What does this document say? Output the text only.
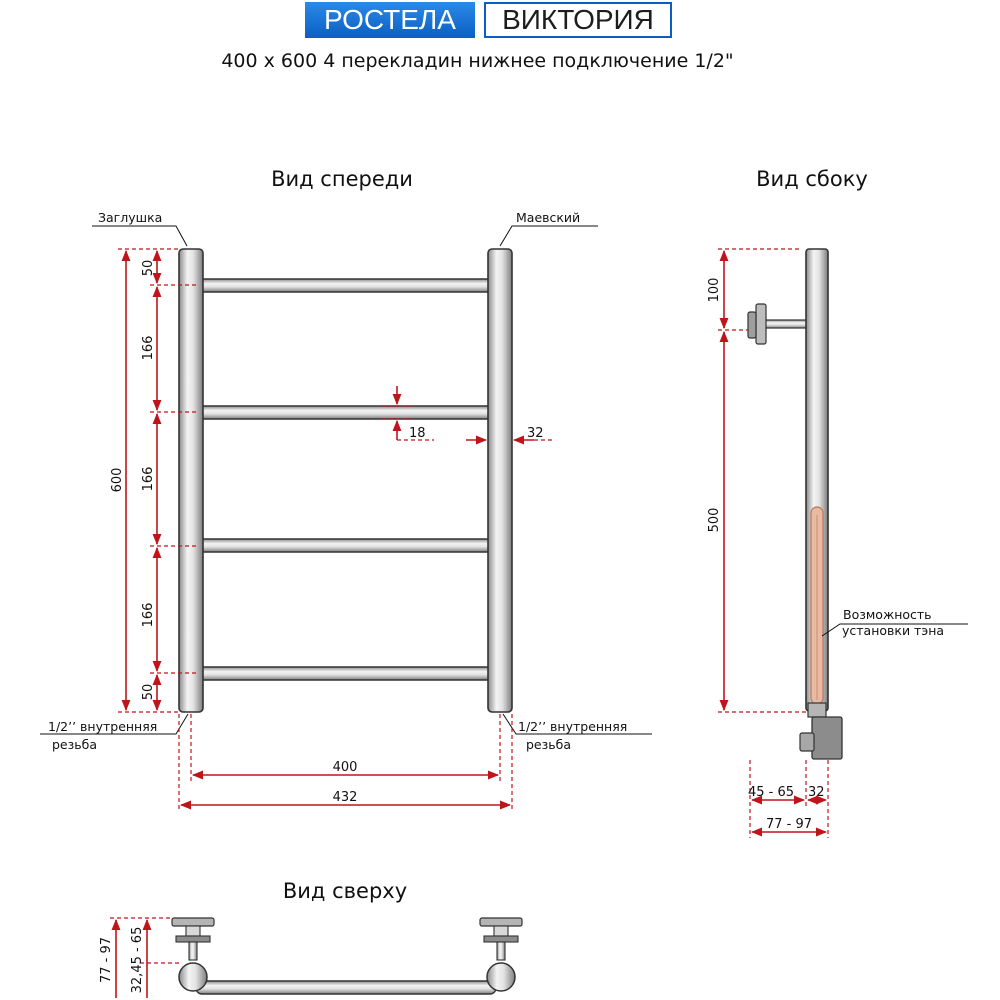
РОСТЕЛА	ВИКТОРИЯ
400 x 600 4 перекладин нижнее подключение 1/2"
Вид спереди
Заглушка	Маевский
1/2’’ внутренняя
резьба
1/2’’ внутренняя
резьба
600
50
166
166
166
50
18	32
400
432
Вид сбоку
Возможность
установки тэна
100
500
45 - 65 32
77 - 97
Вид сверху
77 - 97 32,45 - 65
